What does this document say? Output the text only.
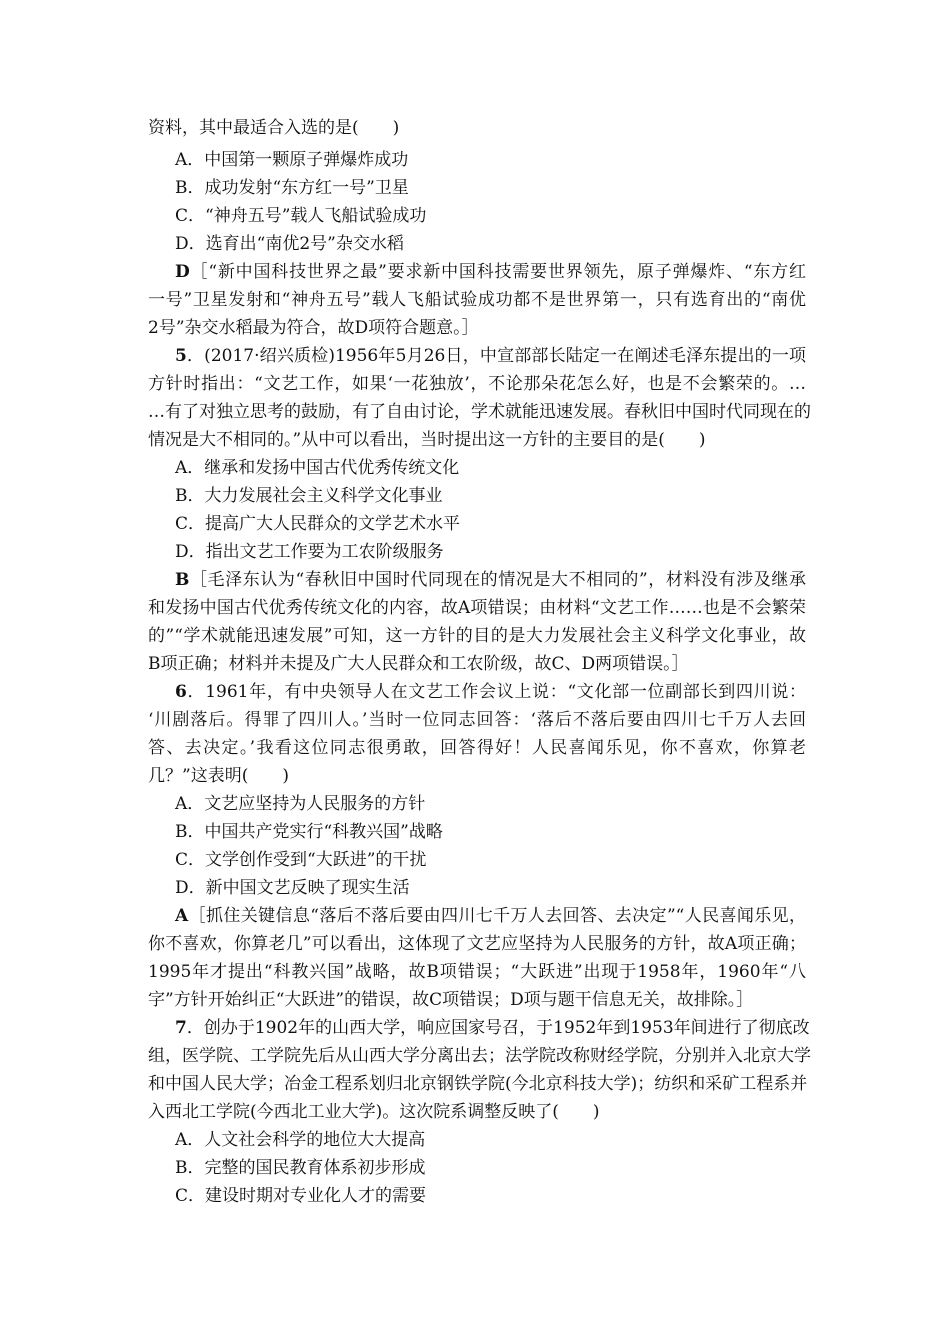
资料，其中最适合入选的是(　　)
A．中国第一颗原子弹爆炸成功
B．成功发射“东方红一号”卫星
C．“神舟五号”载人飞船试验成功
D．选育出“南优2号”杂交水稻
D［“新中国科技世界之最”要求新中国科技需要世界领先，原子弹爆炸、“东方红
一号”卫星发射和“神舟五号”载人飞船试验成功都不是世界第一，只有选育出的“南优
2号”杂交水稻最为符合，故D项符合题意。］
5．(2017·绍兴质检)1956年5月26日，中宣部部长陆定一在阐述毛泽东提出的一项
方针时指出：“文艺工作，如果‘一花独放’，不论那朵花怎么好，也是不会繁荣的。…
…有了对独立思考的鼓励，有了自由讨论，学术就能迅速发展。春秋旧中国时代同现在的
情况是大不相同的。”从中可以看出，当时提出这一方针的主要目的是(　　)
A．继承和发扬中国古代优秀传统文化
B．大力发展社会主义科学文化事业
C．提高广大人民群众的文学艺术水平
D．指出文艺工作要为工农阶级服务
B［毛泽东认为“春秋旧中国时代同现在的情况是大不相同的”，材料没有涉及继承
和发扬中国古代优秀传统文化的内容，故A项错误；由材料“文艺工作……也是不会繁荣
的”“学术就能迅速发展”可知，这一方针的目的是大力发展社会主义科学文化事业，故
B项正确；材料并未提及广大人民群众和工农阶级，故C、D两项错误。］
6．1961年，有中央领导人在文艺工作会议上说：“文化部一位副部长到四川说：
‘川剧落后。得罪了四川人。’当时一位同志回答：‘落后不落后要由四川七千万人去回
答、去决定。’我看这位同志很勇敢，回答得好！人民喜闻乐见，你不喜欢，你算老
几？”这表明(　　)
A．文艺应坚持为人民服务的方针
B．中国共产党实行“科教兴国”战略
C．文学创作受到“大跃进”的干扰
D．新中国文艺反映了现实生活
A［抓住关键信息“落后不落后要由四川七千万人去回答、去决定”“人民喜闻乐见，
你不喜欢，你算老几”可以看出，这体现了文艺应坚持为人民服务的方针，故A项正确；
1995年才提出“科教兴国”战略，故B项错误；“大跃进”出现于1958年，1960年“八
字”方针开始纠正“大跃进”的错误，故C项错误；D项与题干信息无关，故排除。］
7．创办于1902年的山西大学，响应国家号召，于1952年到1953年间进行了彻底改
组，医学院、工学院先后从山西大学分离出去；法学院改称财经学院，分别并入北京大学
和中国人民大学；冶金工程系划归北京钢铁学院(今北京科技大学)；纺织和采矿工程系并
入西北工学院(今西北工业大学)。这次院系调整反映了(　　)
A．人文社会科学的地位大大提高
B．完整的国民教育体系初步形成
C．建设时期对专业化人才的需要
